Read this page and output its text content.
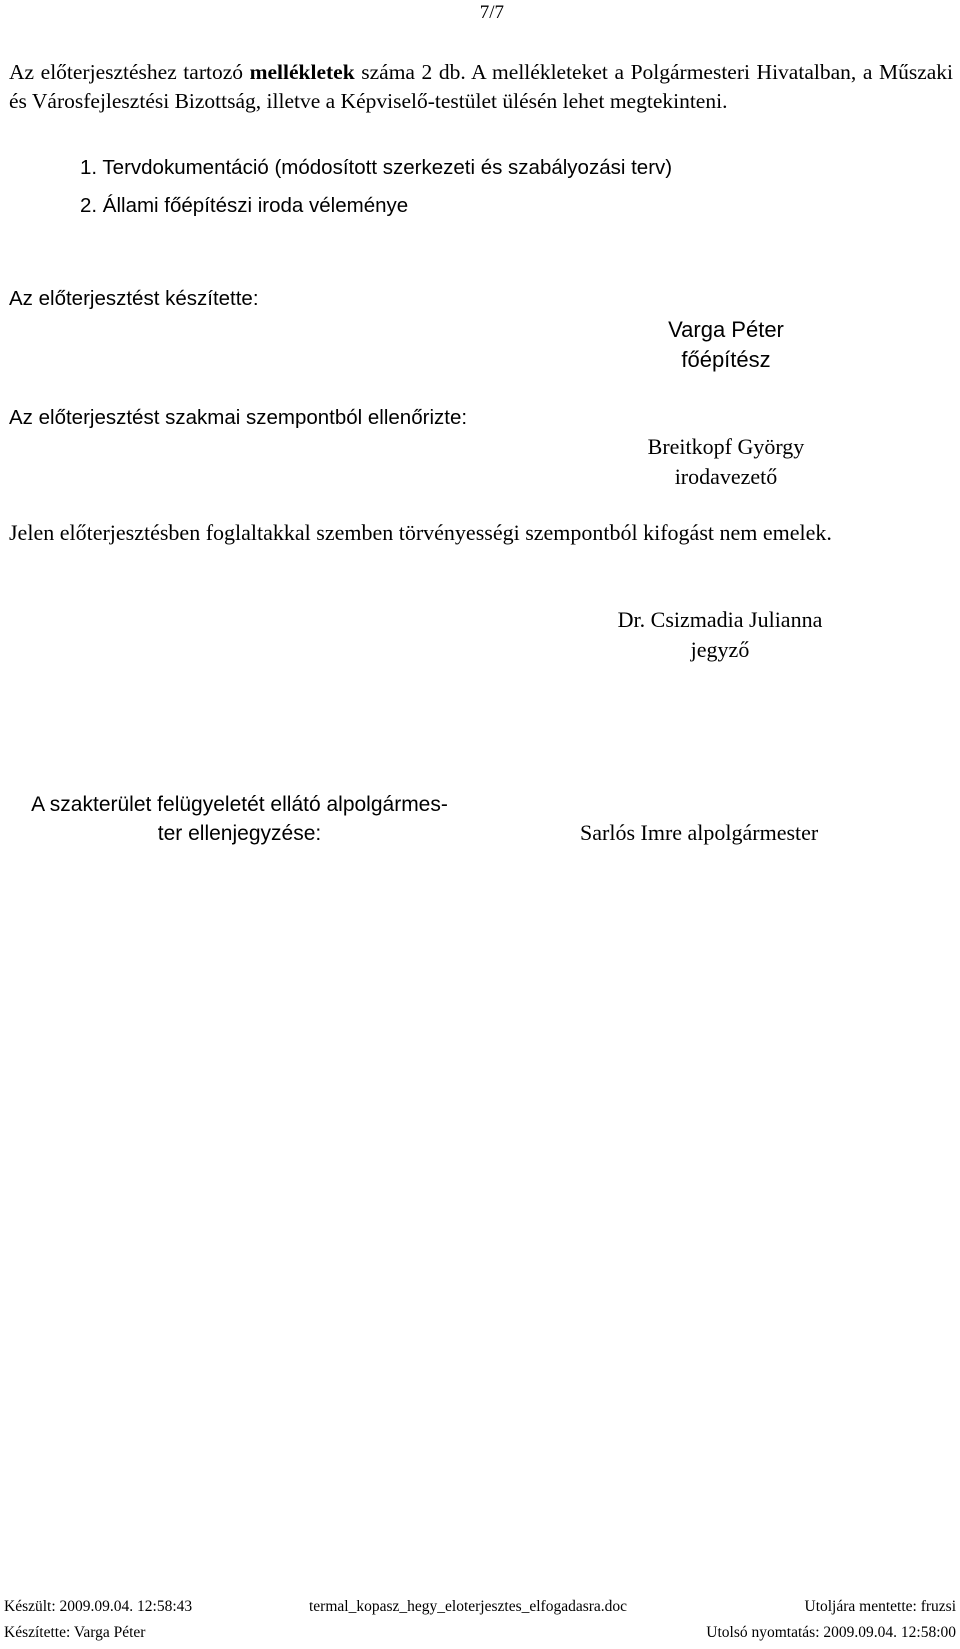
7/7
Az előterjesztéshez tartozó mellékletek száma 2 db. A mellékleteket a Polgármesteri Hivatalban, a Műszaki és Városfejlesztési Bizottság, illetve a Képviselő-testület ülésén lehet megtekinteni.
1. Tervdokumentáció (módosított szerkezeti és szabályozási terv)
2. Állami főépítészi iroda véleménye
Az előterjesztést készítette:
Varga Péter
főépítész
Az előterjesztést szakmai szempontból ellenőrizte:
Breitkopf György
irodavezető
Jelen előterjesztésben foglaltakkal szemben törvényességi szempontból kifogást nem emelek.
Dr. Csizmadia Julianna
jegyző
A szakterület felügyeletét ellátó alpolgármes-
ter ellenjegyzése:	Sarlós Imre alpolgármester
Készült: 2009.09.04. 12:58:43	termal_kopasz_hegy_eloterjesztes_elfogadasra.doc	Utoljára mentette: fruzsi
Készítette: Varga Péter	Utolsó nyomtatás: 2009.09.04. 12:58:00
